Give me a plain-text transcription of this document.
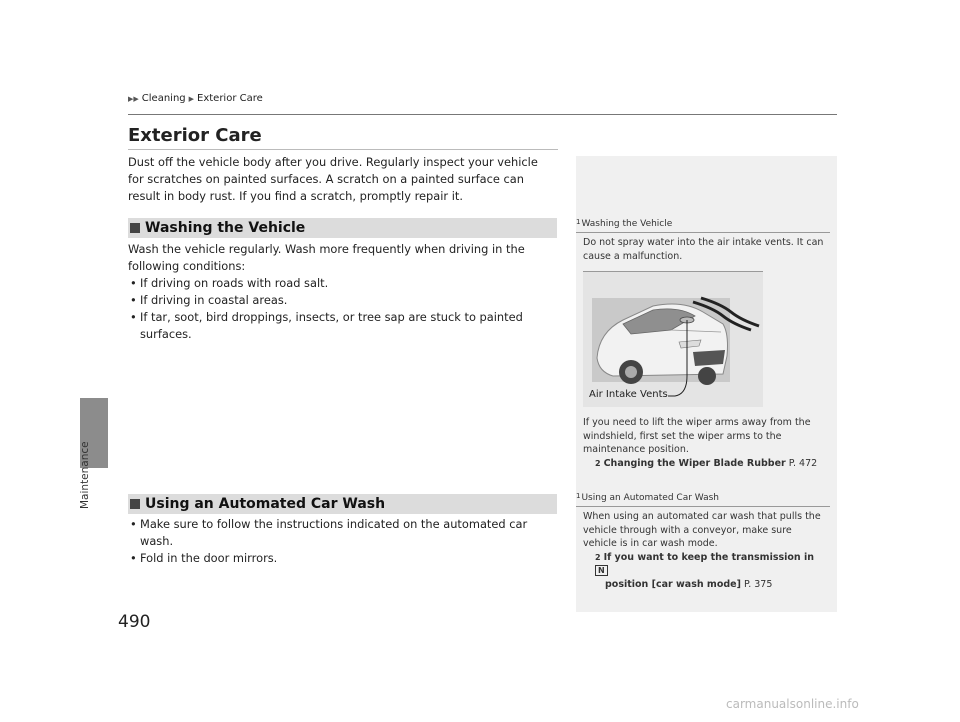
Maintenance
▶▶ Cleaning ▶ Exterior Care
Exterior Care
Dust off the vehicle body after you drive. Regularly inspect your vehicle for scratches on painted surfaces. A scratch on a painted surface can result in body rust. If you find a scratch, promptly repair it.
Washing the Vehicle
Wash the vehicle regularly. Wash more frequently when driving in the following conditions:
• If driving on roads with road salt.
• If driving in coastal areas.
• If tar, soot, bird droppings, insects, or tree sap are stuck to painted surfaces.
Using an Automated Car Wash
• Make sure to follow the instructions indicated on the automated car wash.
• Fold in the door mirrors.
1 Washing the Vehicle
Do not spray water into the air intake vents. It can cause a malfunction.
Air Intake Vents
If you need to lift the wiper arms away from the windshield, first set the wiper arms to the maintenance position.
2 Changing the Wiper Blade Rubber P. 472
1 Using an Automated Car Wash
When using an automated car wash that pulls the vehicle through with a conveyor, make sure vehicle is in car wash mode.
2 If you want to keep the transmission in N
position [car wash mode] P. 375
490
carmanualsonline.info
